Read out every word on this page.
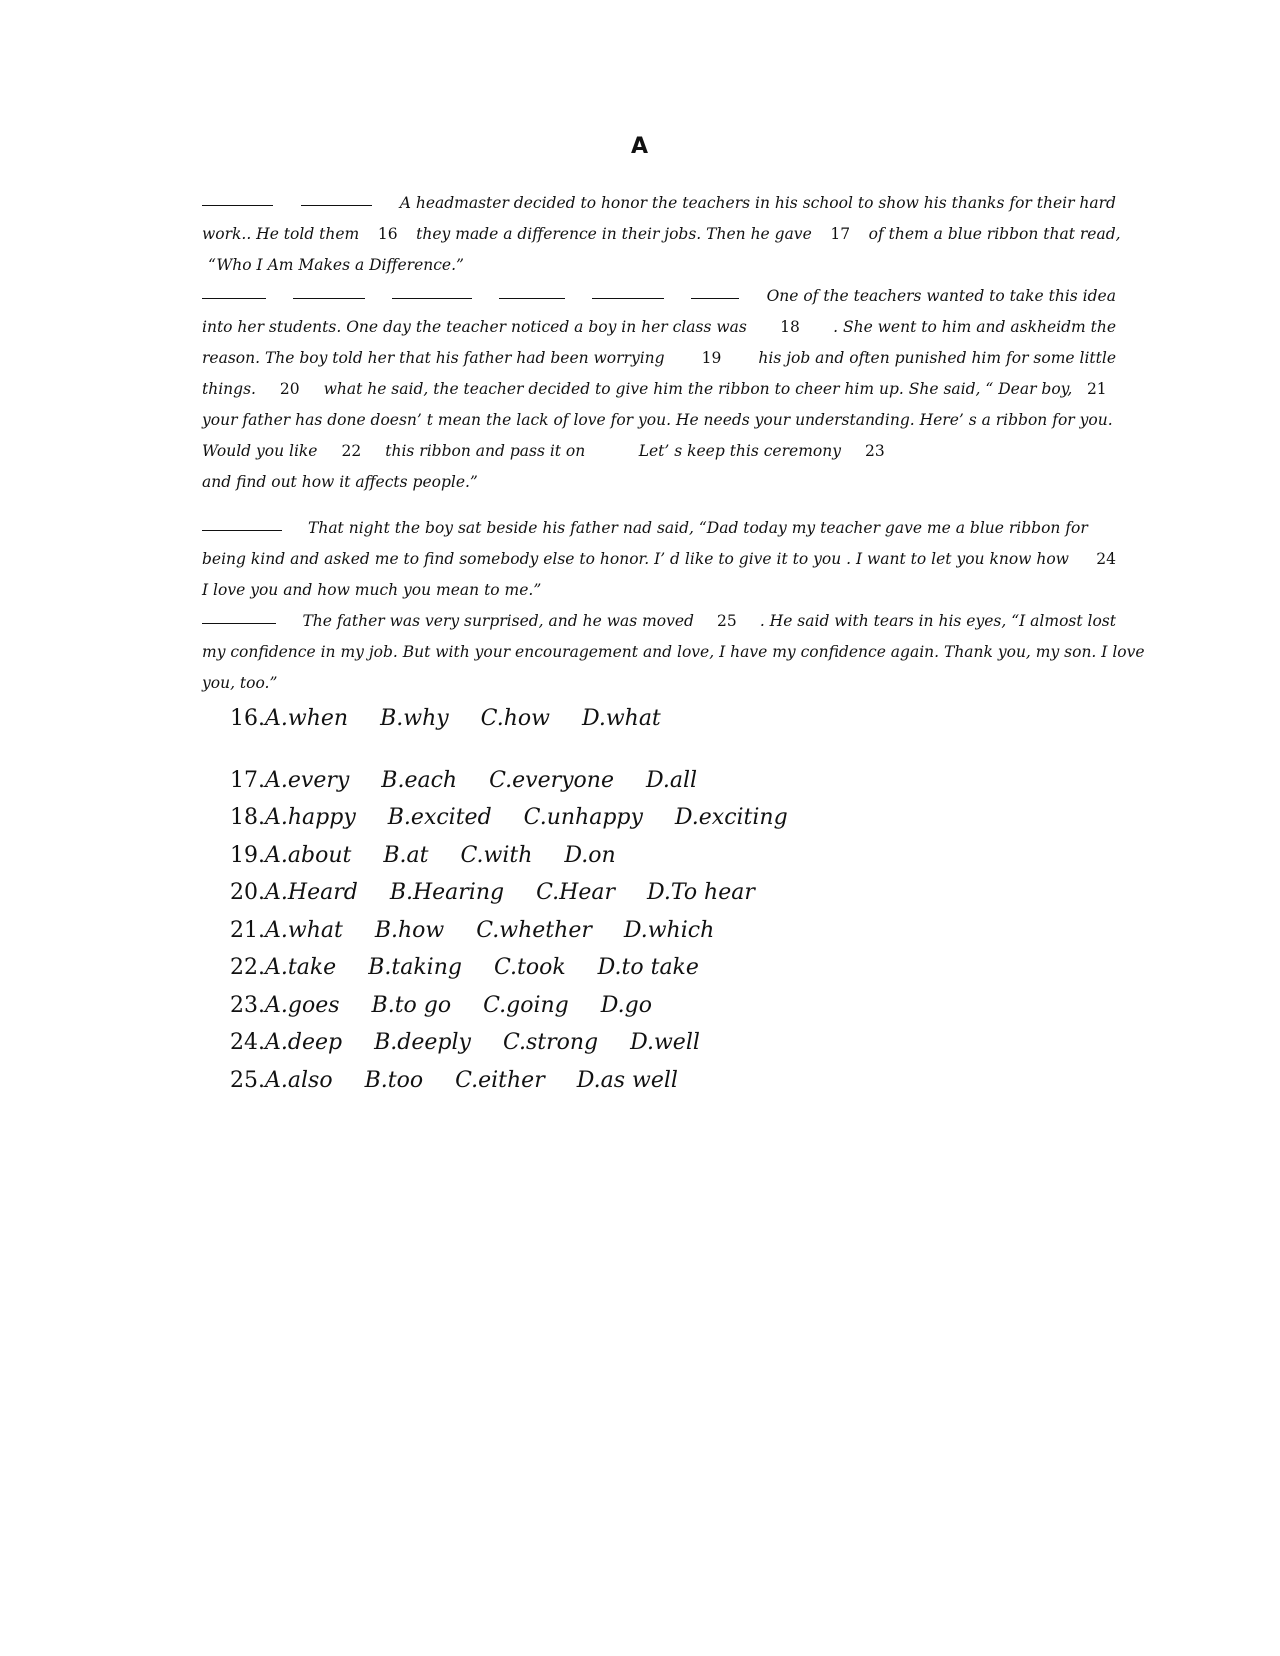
A
A headmaster decided to honor the teachers in his school to show his thanks for their hard
work.. He told them	16	they made a difference in their jobs. Then he gave	17	of them a blue ribbon that read,
“Who I Am Makes a Difference.”
One of the teachers wanted to take this idea
into her students. One day the teacher noticed a boy in her class was	18	. She went to him and askheidm the
reason. The boy told her that his father had been worrying	19	his job and often punished him for some little
things.	20	what he said, the teacher decided to give him the ribbon to cheer him up. She said, “ Dear boy, 21
your father has done doesn’ t mean the lack of love for you. He needs your understanding. Here’ s a ribbon for you.
Would you like	22	this ribbon and pass it on	Let’ s keep this ceremony	23
and find out how it affects people.”
That night the boy sat beside his father nad said, “Dad today my teacher gave me a blue ribbon for
being kind and asked me to find somebody else to honor. I’ d like to give it to you . I want to let you know how	24
I love you and how much you mean to me.”
The father was very surprised, and he was moved	25	. He said with tears in his eyes, “I almost lost
my confidence in my job. But with your encouragement and love, I have my confidence again. Thank you, my son. I love
you, too.”
16.A.when B.why C.how D.what
17.A.every B.each C.everyone D.all
18.A.happy B.excited C.unhappy D.exciting
19.A.about B.at C.with D.on
20.A.Heard B.Hearing C.Hear D.To hear
21.A.what B.how C.whether D.which
22.A.take B.taking C.took D.to take
23.A.goes B.to go C.going D.go
24.A.deep B.deeply C.strong D.well
25.A.also B.too C.either D.as well
